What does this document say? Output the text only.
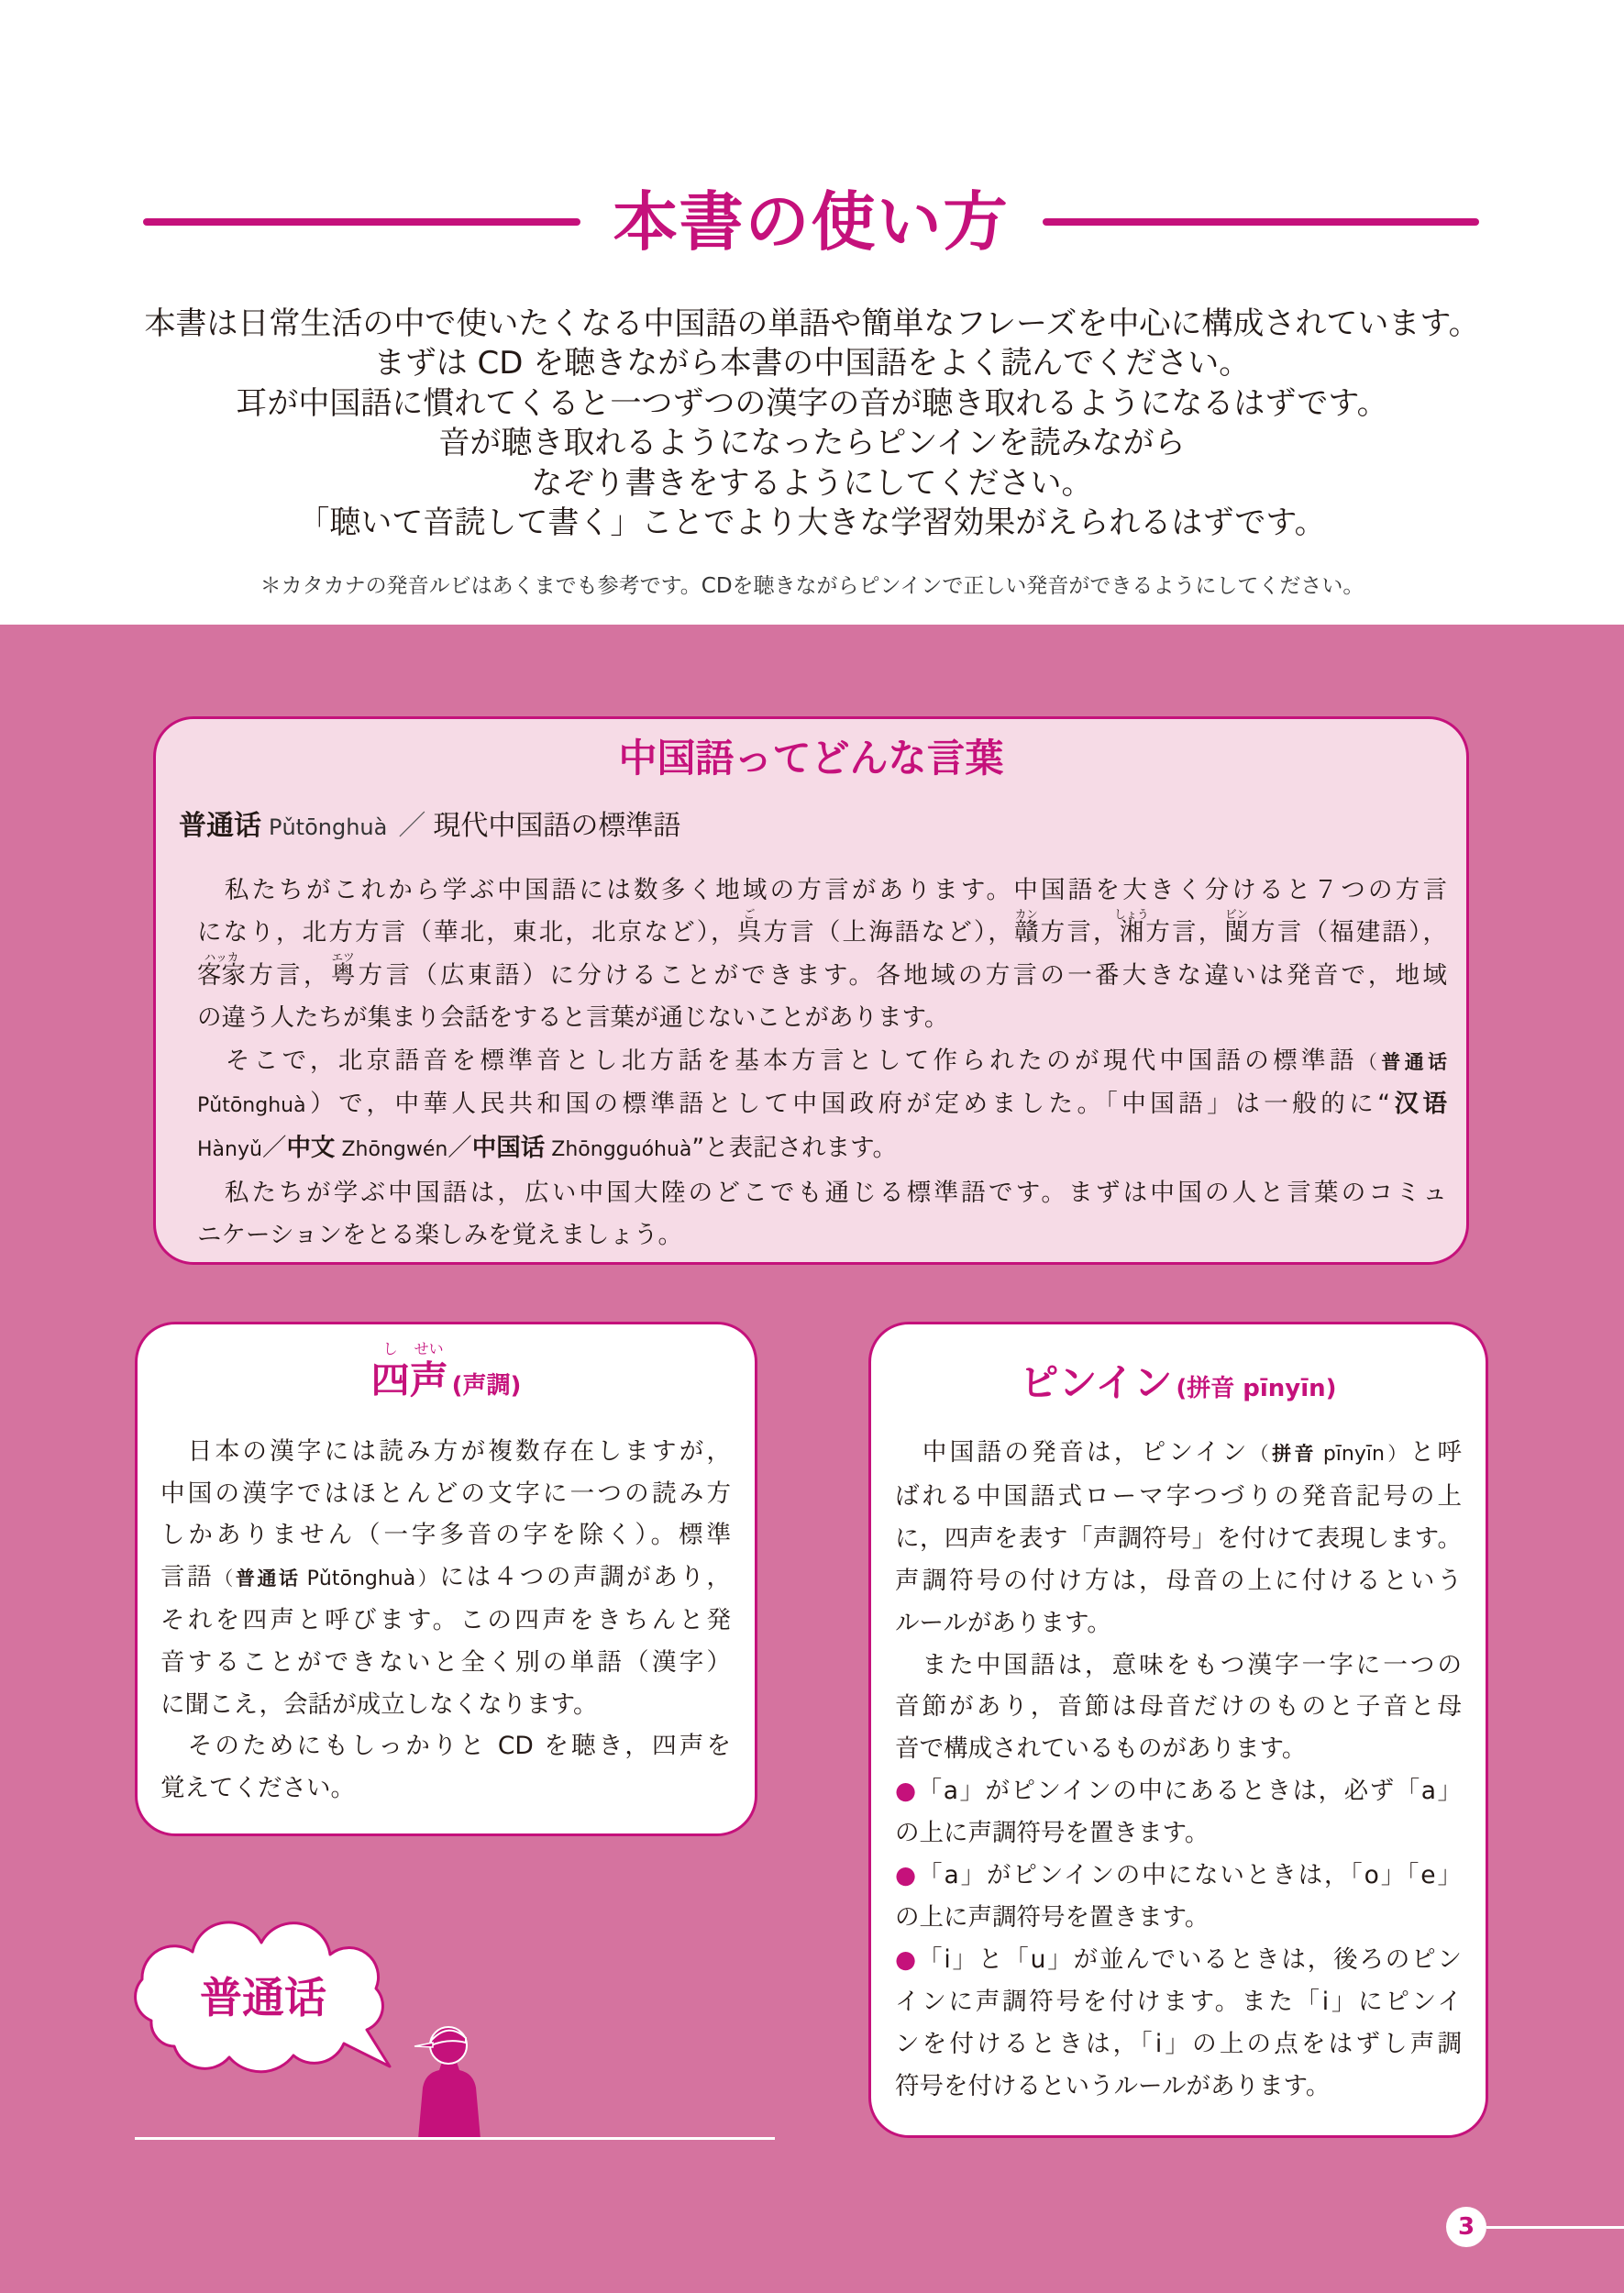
本書の使い方
本書は日常生活の中で使いたくなる中国語の単語や簡単なフレーズを中心に構成されています。
まずは CD を聴きながら本書の中国語をよく読んでください。
耳が中国語に慣れてくると一つずつの漢字の音が聴き取れるようになるはずです。
音が聴き取れるようになったらピンインを読みながら
なぞり書きをするようにしてください。
「聴いて音読して書く」ことでより大きな学習効果がえられるはずです。
＊カタカナの発音ルビはあくまでも参考です。CDを聴きながらピンインで正しい発音ができるようにしてください。
中国語ってどんな言葉
普通话 Pǔtōnghuà ／ 現代中国語の標準語
　私たちがこれから学ぶ中国語には数多く地域の方言があります。中国語を大きく分けると７つの方言
になり，北方方言（華北，東北，北京など），呉
ご
方言（上海語など），贛
カン
方言，湘
しょう
方言，閩
ビン
方言（福建語），
客家
ハッカ
方言，粤
エツ
方言（広東語）に分けることができます。各地域の方言の一番大きな違いは発音で，地域
の違う人たちが集まり会話をすると言葉が通じないことがあります。
　そこで，北京語音を標準音とし北方話を基本方言として作られたのが現代中国語の標準語（普通话
Pǔtōnghuà）で，中華人民共和国の標準語として中国政府が定めました。「中国語」は一般的に“汉语
Hànyǔ／中文 Zhōngwén／中国话 Zhōngguóhuà”と表記されます。
　私たちが学ぶ中国語は，広い中国大陸のどこでも通じる標準語です。まずは中国の人と言葉のコミュ
ニケーションをとる楽しみを覚えましょう。
四
し
声
せい
(声調)
　日本の漢字には読み方が複数存在しますが，
中国の漢字ではほとんどの文字に一つの読み方
しかありません（一字多音の字を除く）。標準
言語（普通话 Pǔtōnghuà）には４つの声調があり，
それを四声と呼びます。この四声をきちんと発
音することができないと全く別の単語（漢字）
に聞こえ，会話が成立しなくなります。
　そのためにもしっかりと CD を聴き，四声を
覚えてください。
ピンイン (拼音 pīnyīn)
　中国語の発音は，ピンイン（拼音 pīnyīn）と呼
ばれる中国語式ローマ字つづりの発音記号の上
に，四声を表す「声調符号」を付けて表現します。
声調符号の付け方は，母音の上に付けるという
ルールがあります。
　また中国語は，意味をもつ漢字一字に一つの
音節があり，音節は母音だけのものと子音と母
音で構成されているものがあります。
●「a」がピンインの中にあるときは，必ず「a」
の上に声調符号を置きます。
●「a」がピンインの中にないときは，「o」「e」
の上に声調符号を置きます。
●「i」と「u」が並んでいるときは，後ろのピン
インに声調符号を付けます。また「i」にピンイ
ンを付けるときは，「i」の上の点をはずし声調
符号を付けるというルールがあります。
普通话
3
